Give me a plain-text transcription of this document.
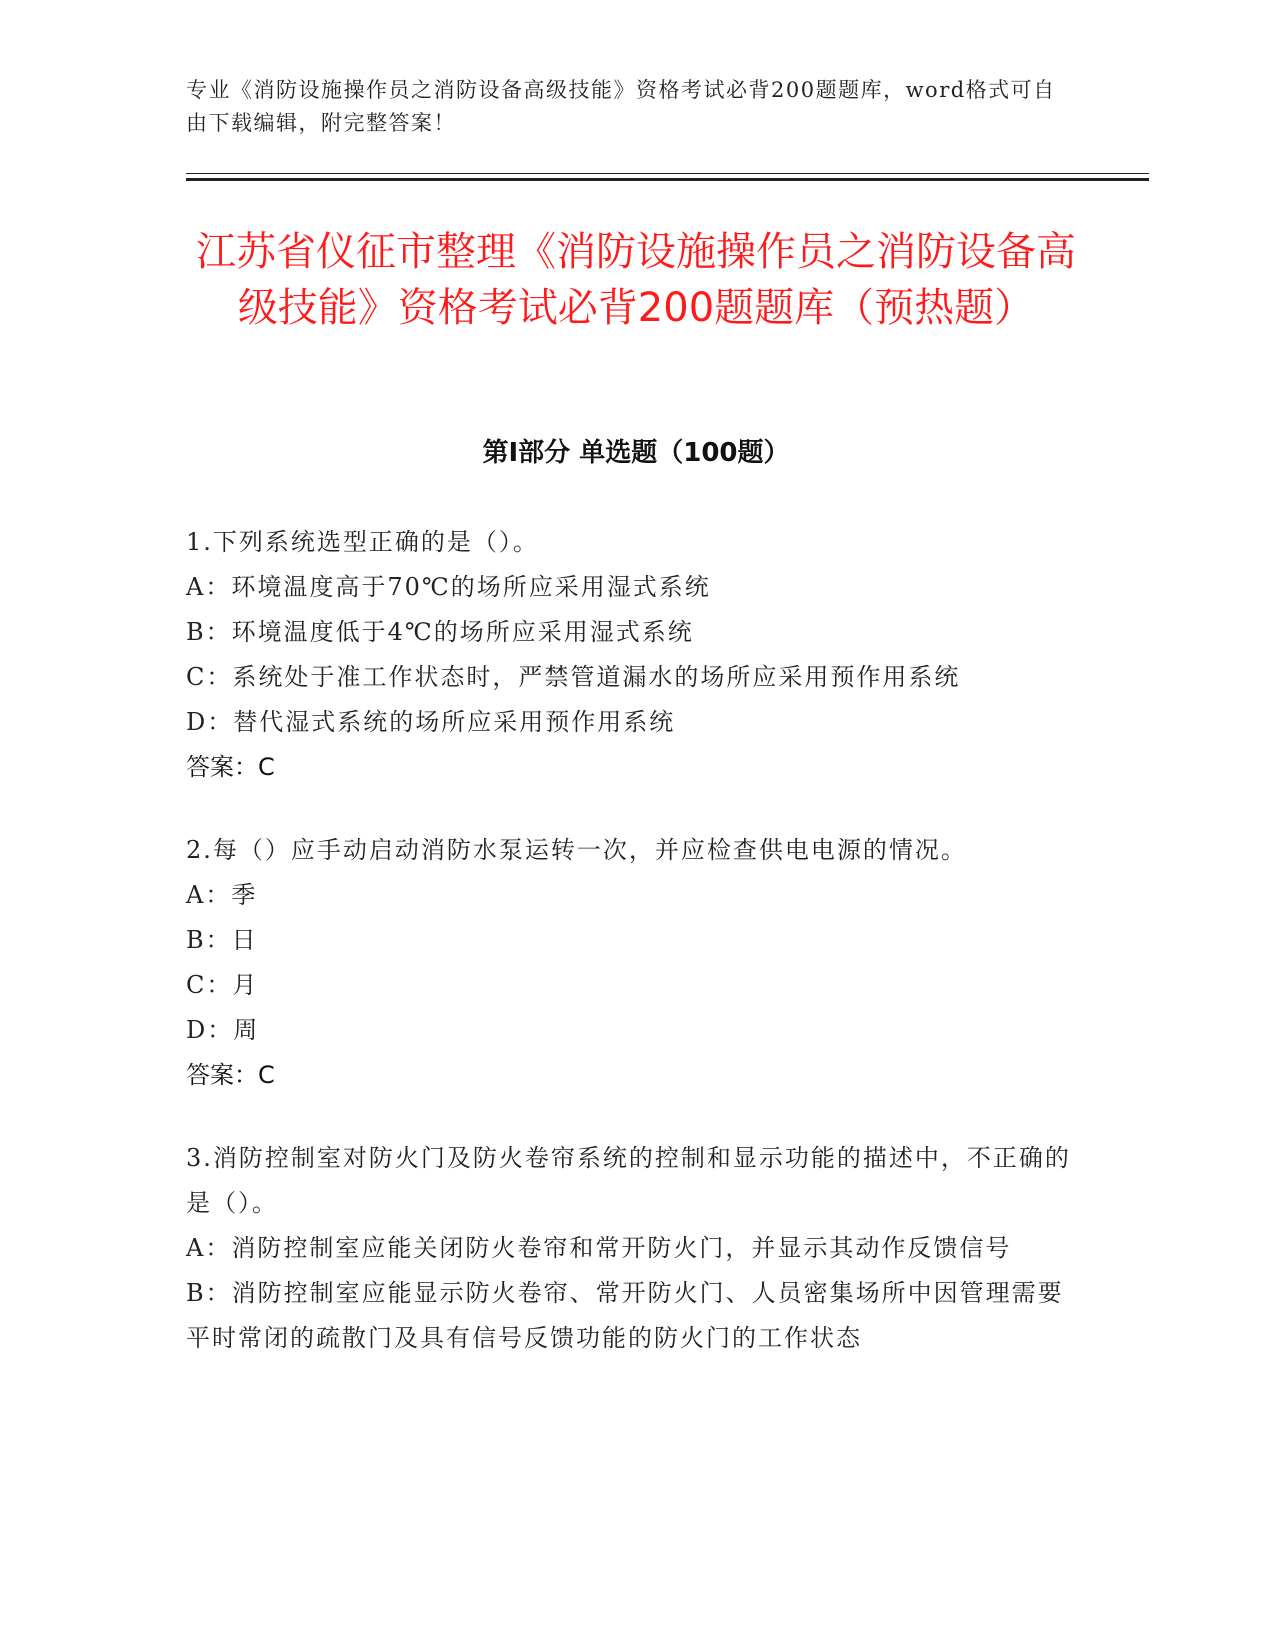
专业《消防设施操作员之消防设备高级技能》资格考试必背200题题库，word格式可自由下载编辑，附完整答案！
江苏省仪征市整理《消防设施操作员之消防设备高级技能》资格考试必背200题题库（预热题）
第Ⅰ部分 单选题（100题）
1.下列系统选型正确的是（）。
A：环境温度高于70℃的场所应采用湿式系统
B：环境温度低于4℃的场所应采用湿式系统
C：系统处于准工作状态时，严禁管道漏水的场所应采用预作用系统
D：替代湿式系统的场所应采用预作用系统
答案：C
2.每（）应手动启动消防水泵运转一次，并应检查供电电源的情况。
A：季
B：日
C：月
D：周
答案：C
3.消防控制室对防火门及防火卷帘系统的控制和显示功能的描述中，不正确的是（）。
A：消防控制室应能关闭防火卷帘和常开防火门，并显示其动作反馈信号
B：消防控制室应能显示防火卷帘、常开防火门、人员密集场所中因管理需要平时常闭的疏散门及具有信号反馈功能的防火门的工作状态
